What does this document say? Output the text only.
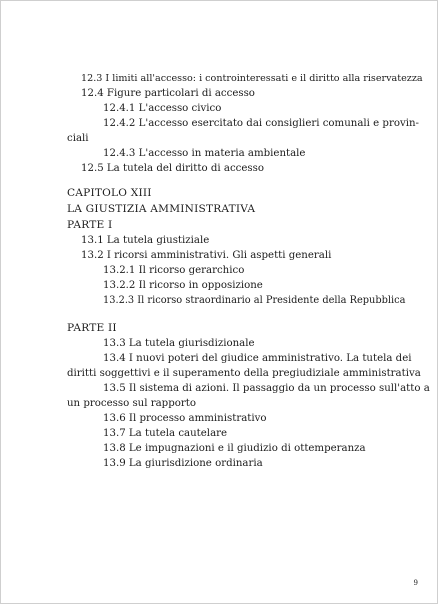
12.3 I limiti all'accesso: i controinteressati e il diritto alla riservatezza
12.4 Figure particolari di accesso
12.4.1 L'accesso civico
12.4.2 L'accesso esercitato dai consiglieri comunali e provin-
ciali
12.4.3 L'accesso in materia ambientale
12.5 La tutela del diritto di accesso
CAPITOLO XIII
LA GIUSTIZIA AMMINISTRATIVA
PARTE I
13.1 La tutela giustiziale
13.2 I ricorsi amministrativi. Gli aspetti generali
13.2.1 Il ricorso gerarchico
13.2.2 Il ricorso in opposizione
13.2.3 Il ricorso straordinario al Presidente della Repubblica
PARTE II
13.3 La tutela giurisdizionale
13.4 I nuovi poteri del giudice amministrativo. La tutela dei
diritti soggettivi e il superamento della pregiudiziale amministrativa
13.5 Il sistema di azioni. Il passaggio da un processo sull'atto a
un processo sul rapporto
13.6 Il processo amministrativo
13.7 La tutela cautelare
13.8 Le impugnazioni e il giudizio di ottemperanza
13.9 La giurisdizione ordinaria
9
